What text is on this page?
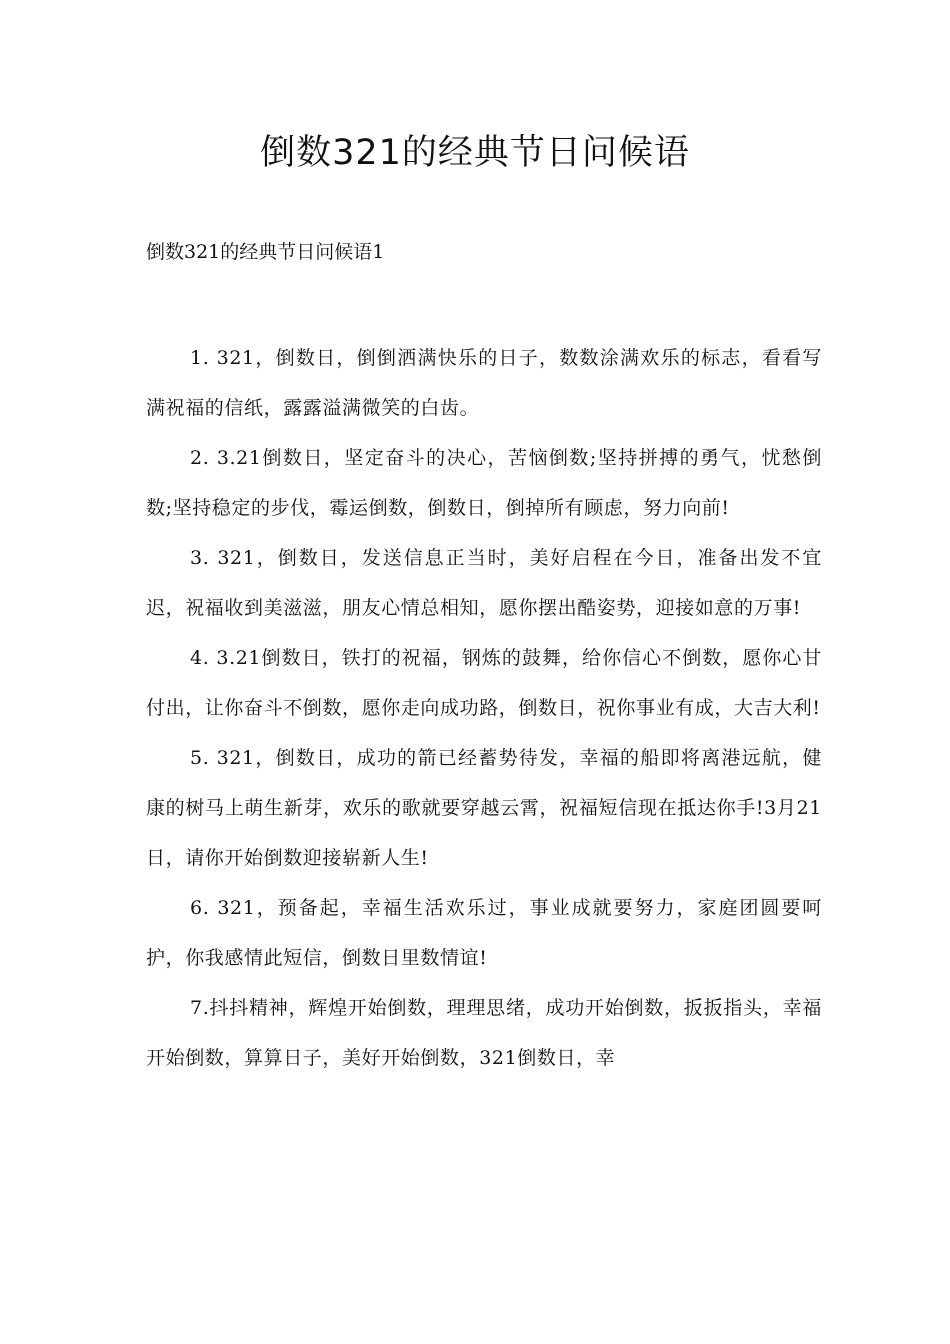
倒数321的经典节日问候语

倒数321的经典节日问候语1

1. 321，倒数日，倒倒洒满快乐的日子，数数涂满欢乐的标志，看看写满祝福的信纸，露露溢满微笑的白齿。

2. 3.21倒数日，坚定奋斗的决心，苦恼倒数;坚持拼搏的勇气，忧愁倒数;坚持稳定的步伐，霉运倒数，倒数日，倒掉所有顾虑，努力向前!

3. 321，倒数日，发送信息正当时，美好启程在今日，准备出发不宜迟，祝福收到美滋滋，朋友心情总相知，愿你摆出酷姿势，迎接如意的万事!

4. 3.21倒数日，铁打的祝福，钢炼的鼓舞，给你信心不倒数，愿你心甘付出，让你奋斗不倒数，愿你走向成功路，倒数日，祝你事业有成，大吉大利!

5. 321，倒数日，成功的箭已经蓄势待发，幸福的船即将离港远航，健康的树马上萌生新芽，欢乐的歌就要穿越云霄，祝福短信现在抵达你手!3月21日，请你开始倒数迎接崭新人生!

6. 321，预备起，幸福生活欢乐过，事业成就要努力，家庭团圆要呵护，你我感情此短信，倒数日里数情谊!

7.抖抖精神，辉煌开始倒数，理理思绪，成功开始倒数，扳扳指头，幸福开始倒数，算算日子，美好开始倒数，321倒数日，幸
